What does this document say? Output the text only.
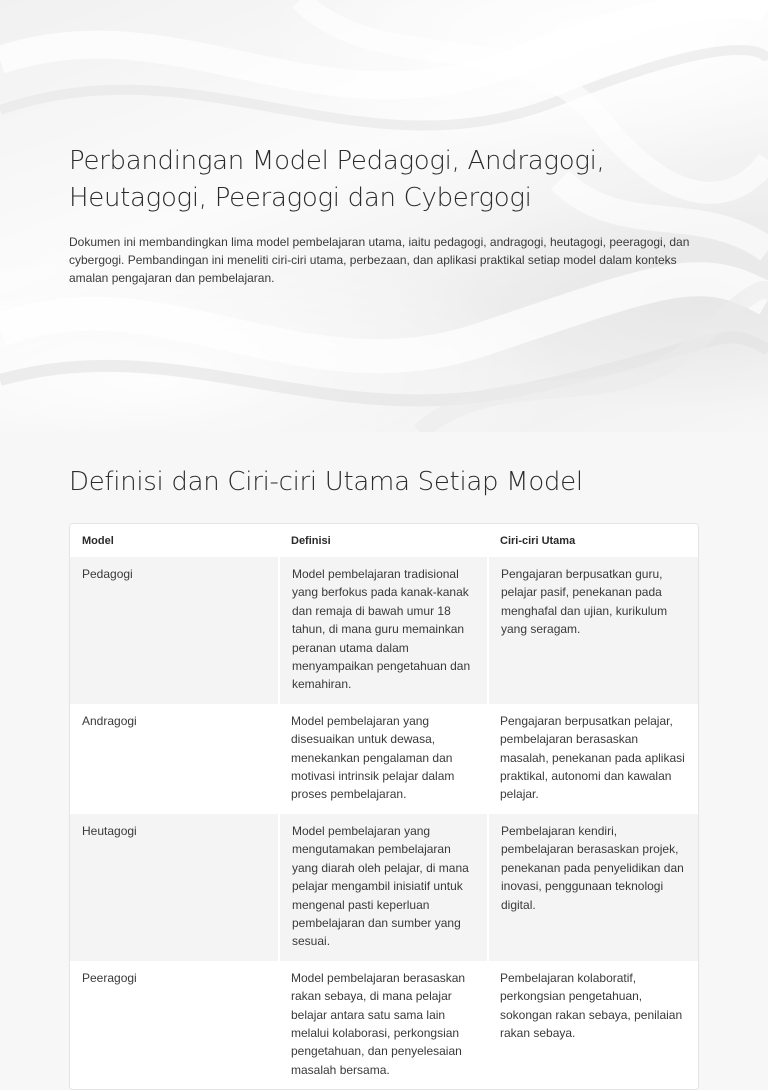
Perbandingan Model Pedagogi, Andragogi,
Heutagogi, Peeragogi dan Cybergogi

Dokumen ini membandingkan lima model pembelajaran utama, iaitu pedagogi, andragogi, heutagogi, peeragogi, dan cybergogi. Pembandingan ini meneliti ciri-ciri utama, perbezaan, dan aplikasi praktikal setiap model dalam konteks amalan pengajaran dan pembelajaran.

Definisi dan Ciri-ciri Utama Setiap Model
Model	Definisi	Ciri-ciri Utama
Pedagogi	Model pembelajaran tradisional yang berfokus pada kanak-kanak dan remaja di bawah umur 18 tahun, di mana guru memainkan peranan utama dalam menyampaikan pengetahuan dan kemahiran.	Pengajaran berpusatkan guru, pelajar pasif, penekanan pada menghafal dan ujian, kurikulum yang seragam.
Andragogi	Model pembelajaran yang disesuaikan untuk dewasa, menekankan pengalaman dan motivasi intrinsik pelajar dalam proses pembelajaran.	Pengajaran berpusatkan pelajar, pembelajaran berasaskan masalah, penekanan pada aplikasi praktikal, autonomi dan kawalan pelajar.
Heutagogi	Model pembelajaran yang mengutamakan pembelajaran yang diarah oleh pelajar, di mana pelajar mengambil inisiatif untuk mengenal pasti keperluan pembelajaran dan sumber yang sesuai.	Pembelajaran kendiri, pembelajaran berasaskan projek, penekanan pada penyelidikan dan inovasi, penggunaan teknologi digital.
Peeragogi	Model pembelajaran berasaskan rakan sebaya, di mana pelajar belajar antara satu sama lain melalui kolaborasi, perkongsian pengetahuan, dan penyelesaian masalah bersama.	Pembelajaran kolaboratif, perkongsian pengetahuan, sokongan rakan sebaya, penilaian rakan sebaya.
